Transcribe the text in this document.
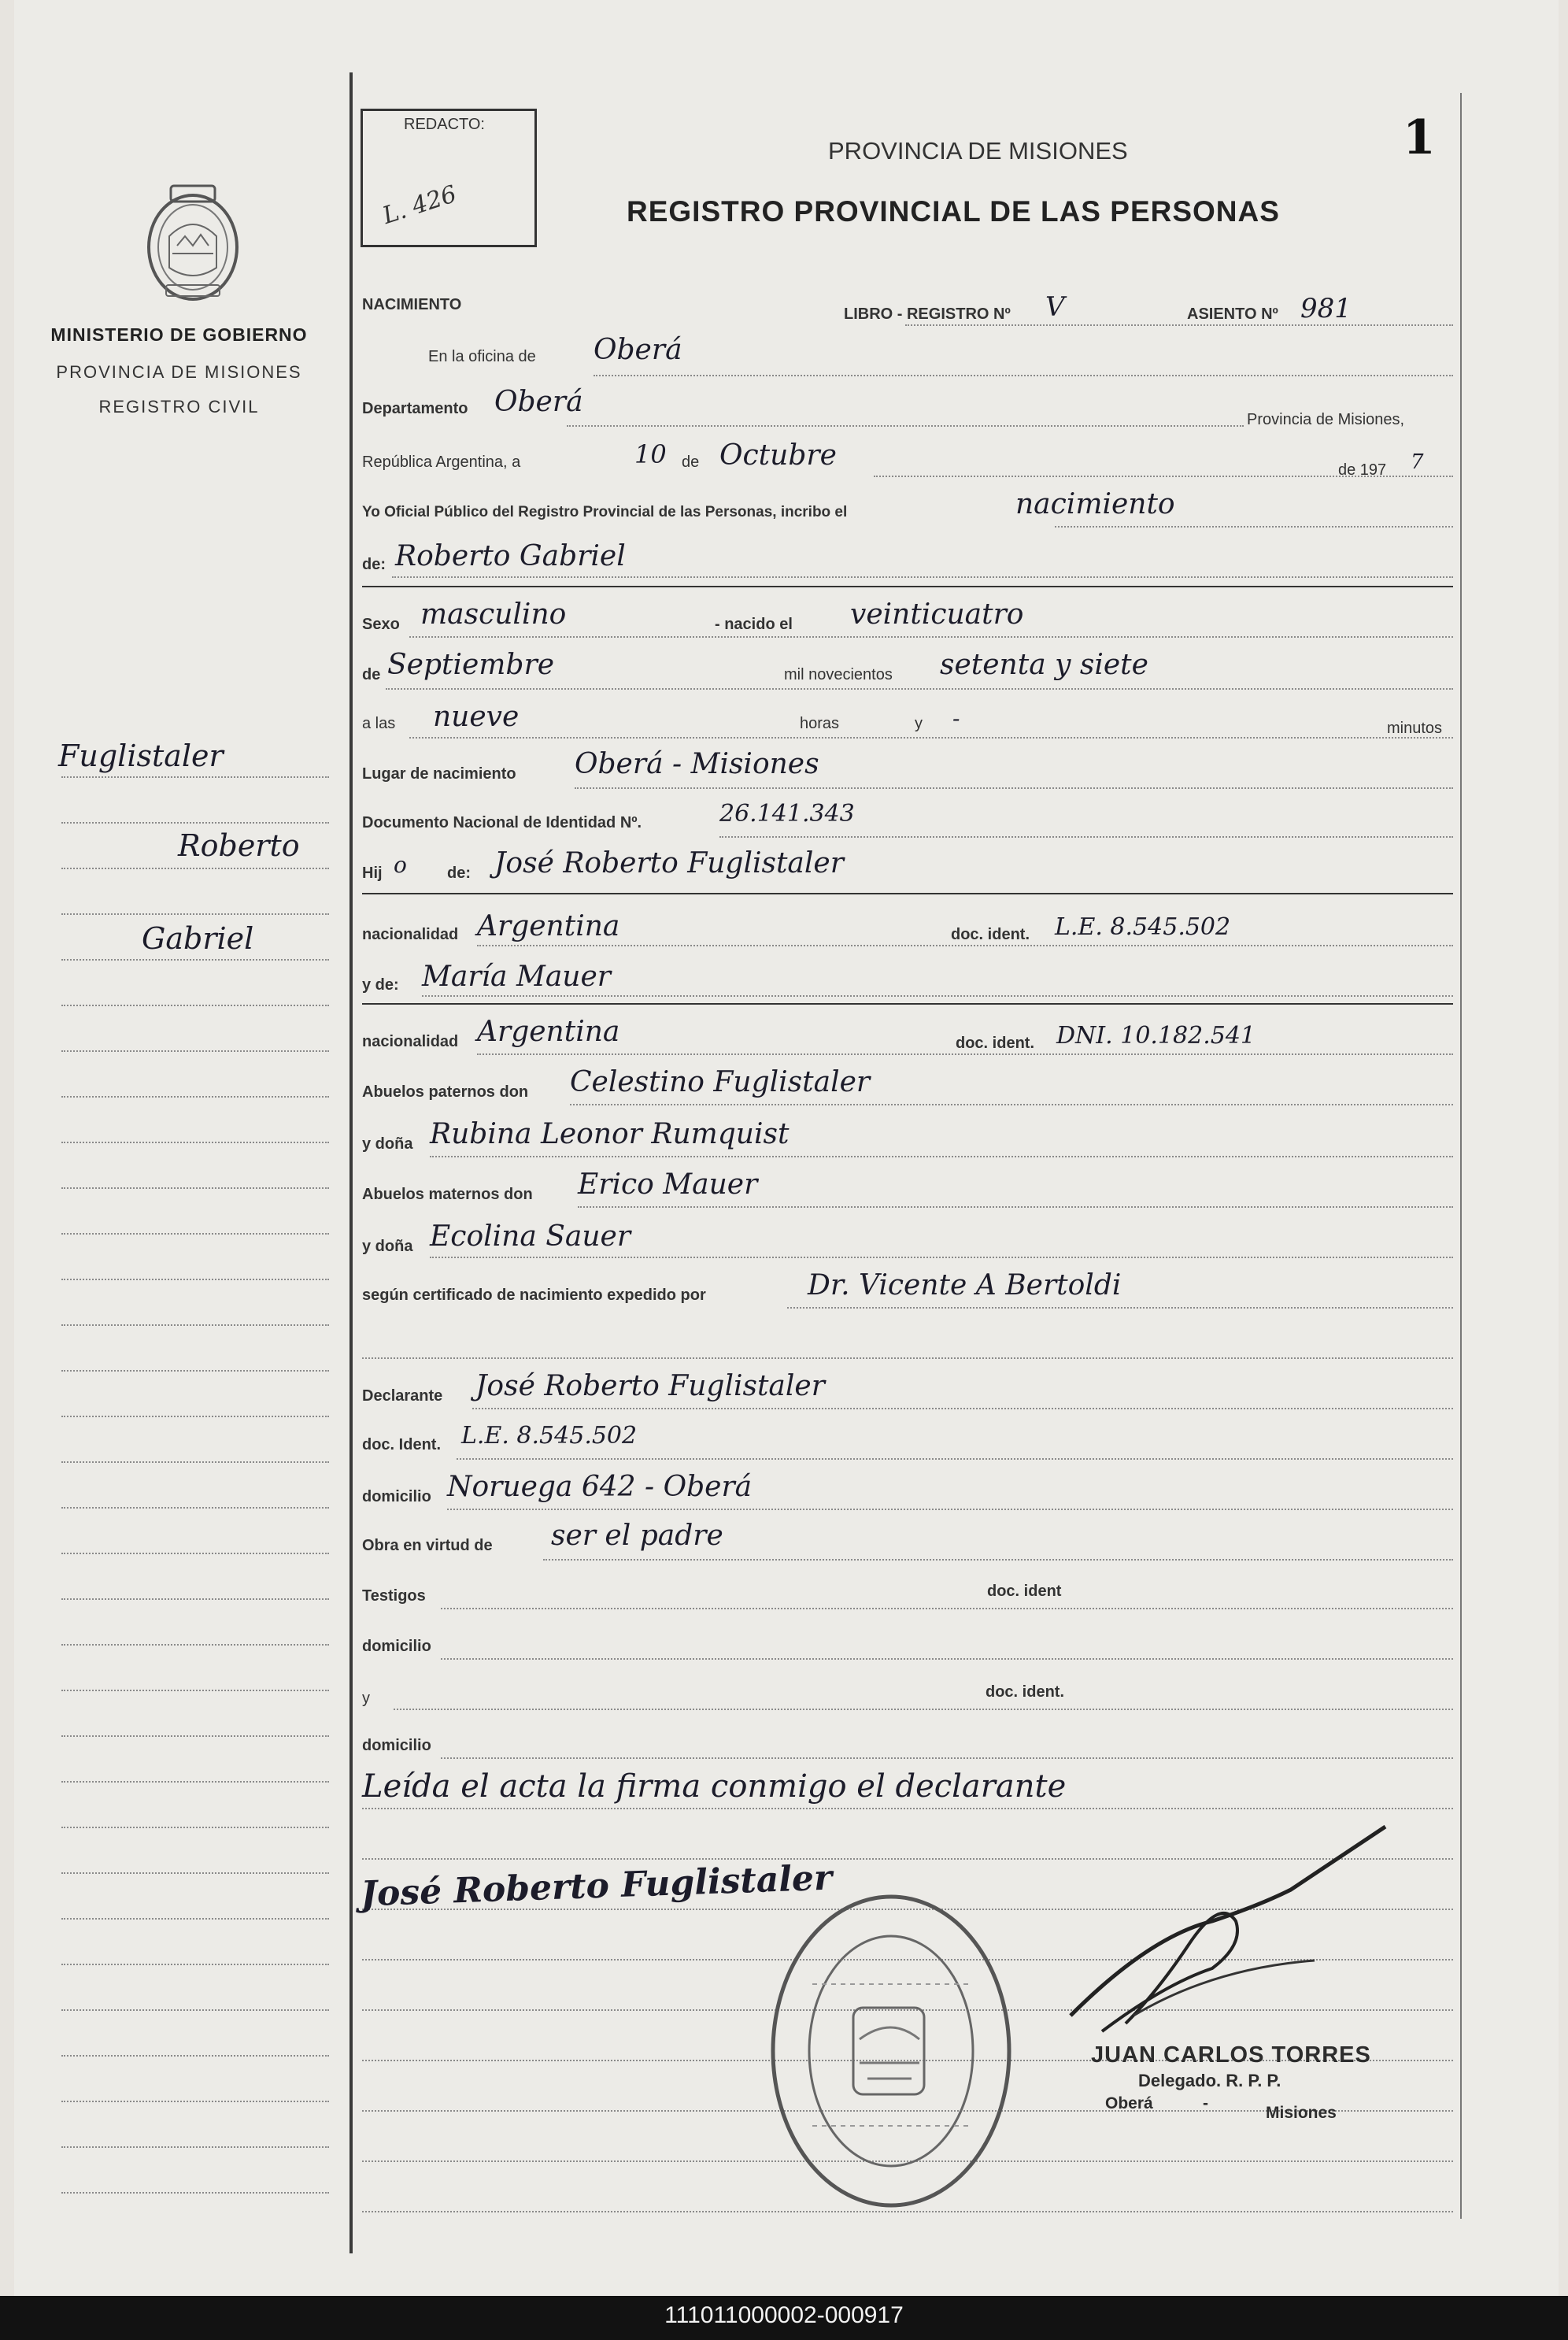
REDACTO:
L. 426
PROVINCIA DE MISIONES
REGISTRO PROVINCIAL DE LAS PERSONAS
1
MINISTERIO DE GOBIERNO
PROVINCIA DE MISIONES
REGISTRO CIVIL
Fuglistaler
Roberto
Gabriel
NACIMIENTO
LIBRO - REGISTRO Nº V	ASIENTO Nº 981
En la oficina de Oberá
Departamento Oberá
Provincia de Misiones,
República Argentina, a	10 de Octubre	de 197 7
Yo Oficial Público del Registro Provincial de las Personas, incribo el	nacimiento
de: Roberto Gabriel
Sexo masculino	- nacido el veinticuatro
de Septiembre	mil novecientos setenta y siete
a las nueve	horas	y -	minutos
Lugar de nacimiento Oberá - Misiones
Documento Nacional de Identidad Nº.	26.141.343
Hij o	de: José Roberto Fuglistaler
nacionalidad Argentina	doc. ident. L.E. 8.545.502
y de: María Mauer
nacionalidad Argentina	doc. ident. DNI. 10.182.541
Abuelos paternos don Celestino Fuglistaler
y doña Rubina Leonor Rumquist
Abuelos maternos don Erico Mauer
y doña Ecolina Sauer
según certificado de nacimiento expedido por	Dr. Vicente A Bertoldi
Declarante José Roberto Fuglistaler
doc. Ident. L.E. 8.545.502
domicilio Noruega 642 - Oberá
Obra en virtud de ser el padre
Testigos	doc. ident
domicilio
y	doc. ident.
domicilio
Leída el acta la firma conmigo el declarante
José Roberto Fuglistaler
JUAN CARLOS TORRES
Delegado. R. P. P.
Oberá	-
Misiones
111011000002-000917
